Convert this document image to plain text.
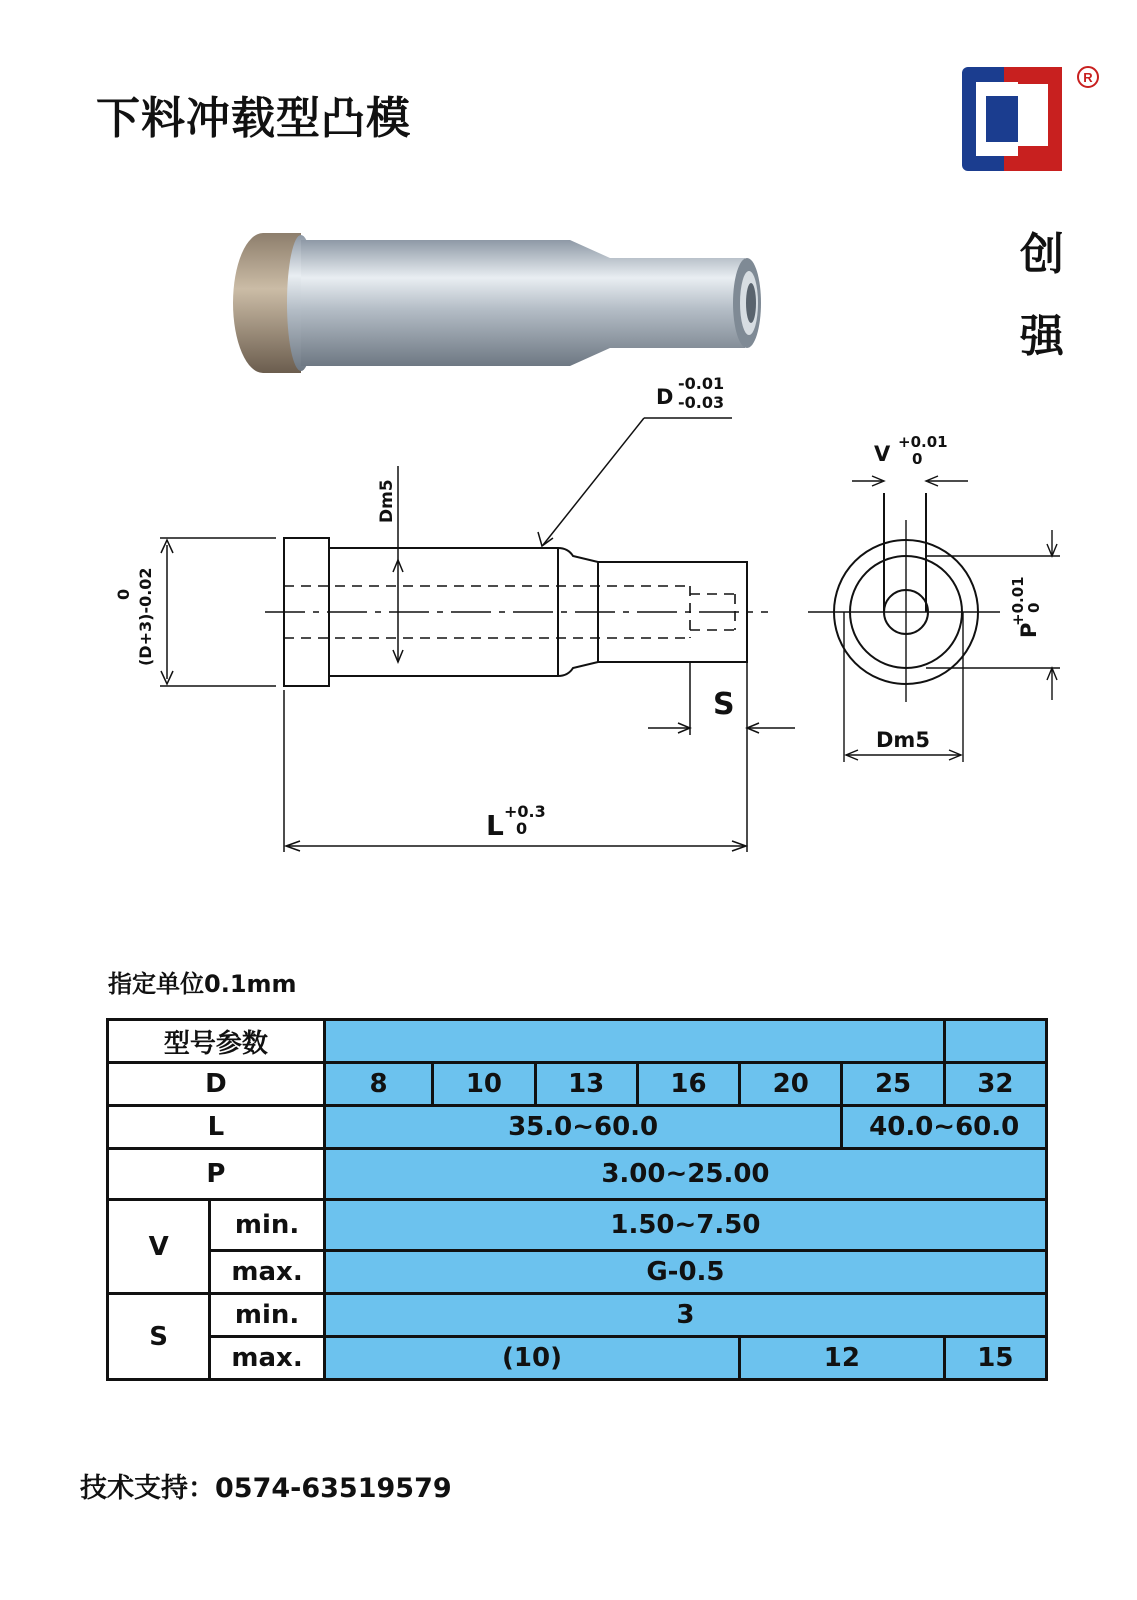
下料冲载型凸模
R
创
强
D
-0.01
-0.03
Dm5
(D+3)-0.02
0
S
L +0.3
0
V +0.01
0
P
+0.01
0
Dm5
指定单位0.1mm
型号参数								
D		8	10	13	16	20	25	32
L		35.0~60.0					40.0~60.0	
P		3.00~25.00						
V	min.	1.50~7.50						
	max.	G-0.5						
S	min.	3						
	max.	(10)				12		15
技术支持：0574-63519579
